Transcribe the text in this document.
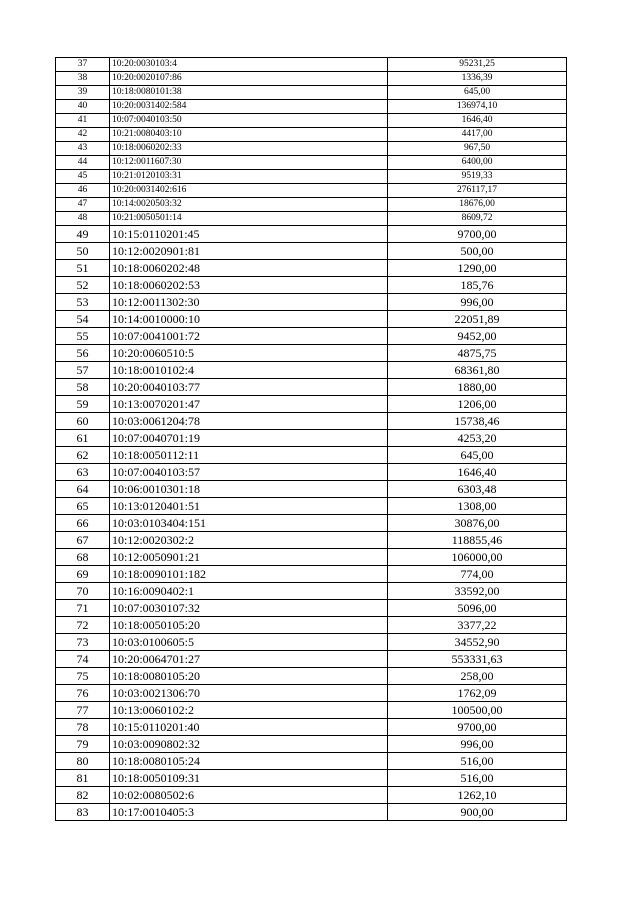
37	10:20:0030103:4	95231,25
38	10:20:0020107:86	1336,39
39	10:18:0080101:38	645,00
40	10:20:0031402:584	136974,10
41	10:07:0040103:50	1646,40
42	10:21:0080403:10	4417,00
43	10:18:0060202:33	967,50
44	10:12:0011607:30	6400,00
45	10:21:0120103:31	9519,33
46	10:20:0031402:616	276117,17
47	10:14:0020503:32	18676,00
48	10:21:0050501:14	8609,72
49	10:15:0110201:45	9700,00
50	10:12:0020901:81	500,00
51	10:18:0060202:48	1290,00
52	10:18:0060202:53	185,76
53	10:12:0011302:30	996,00
54	10:14:0010000:10	22051,89
55	10:07:0041001:72	9452,00
56	10:20:0060510:5	4875,75
57	10:18:0010102:4	68361,80
58	10:20:0040103:77	1880,00
59	10:13:0070201:47	1206,00
60	10:03:0061204:78	15738,46
61	10:07:0040701:19	4253,20
62	10:18:0050112:11	645,00
63	10:07:0040103:57	1646,40
64	10:06:0010301:18	6303,48
65	10:13:0120401:51	1308,00
66	10:03:0103404:151	30876,00
67	10:12:0020302:2	118855,46
68	10:12:0050901:21	106000,00
69	10:18:0090101:182	774,00
70	10:16:0090402:1	33592,00
71	10:07:0030107:32	5096,00
72	10:18:0050105:20	3377,22
73	10:03:0100605:5	34552,90
74	10:20:0064701:27	553331,63
75	10:18:0080105:20	258,00
76	10:03:0021306:70	1762,09
77	10:13:0060102:2	100500,00
78	10:15:0110201:40	9700,00
79	10:03:0090802:32	996,00
80	10:18:0080105:24	516,00
81	10:18:0050109:31	516,00
82	10:02:0080502:6	1262,10
83	10:17:0010405:3	900,00
